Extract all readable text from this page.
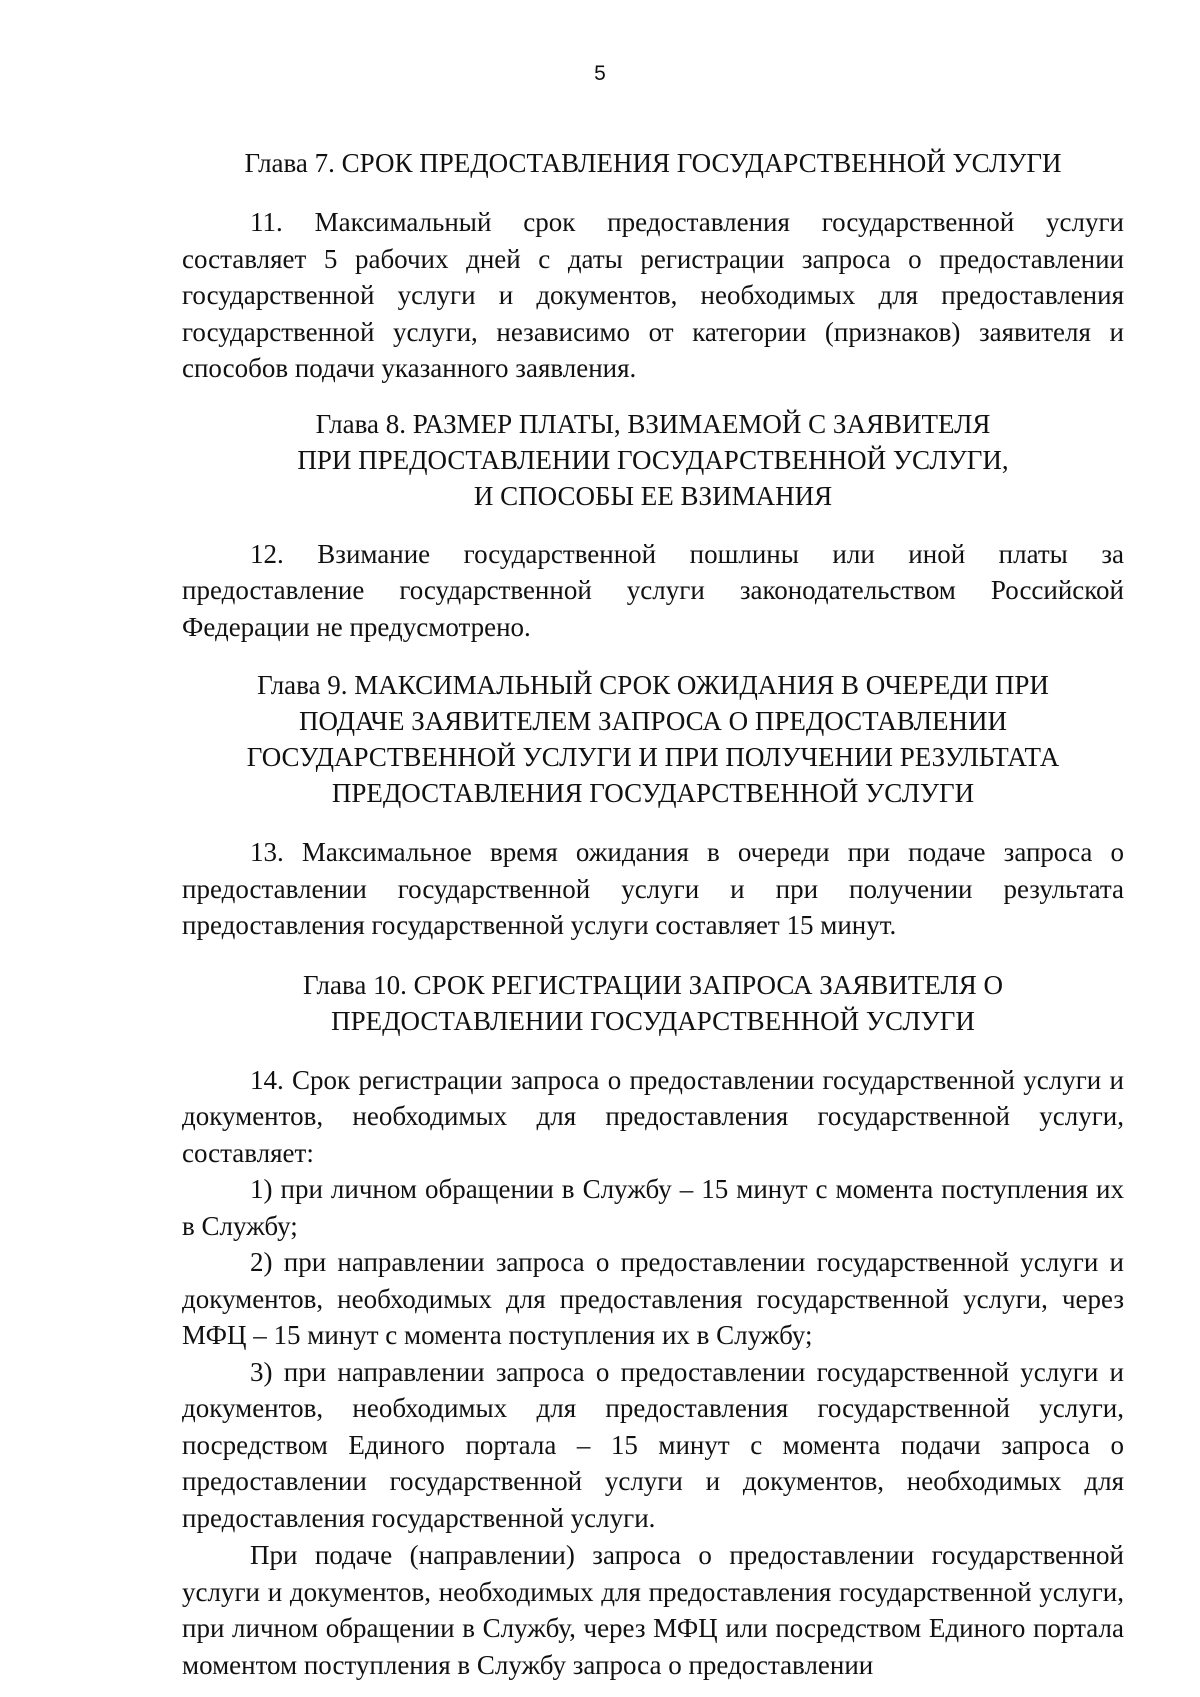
5
Глава 7. СРОК ПРЕДОСТАВЛЕНИЯ ГОСУДАРСТВЕННОЙ УСЛУГИ

11. Максимальный срок предоставления государственной услуги составляет 5 рабочих дней с даты регистрации запроса о предоставлении государственной услуги и документов, необходимых для предоставления государственной услуги, независимо от категории (признаков) заявителя и способов подачи указанного заявления.

Глава 8. РАЗМЕР ПЛАТЫ, ВЗИМАЕМОЙ С ЗАЯВИТЕЛЯ
ПРИ ПРЕДОСТАВЛЕНИИ ГОСУДАРСТВЕННОЙ УСЛУГИ,
И СПОСОБЫ ЕЕ ВЗИМАНИЯ

12. Взимание государственной пошлины или иной платы за предоставление государственной услуги законодательством Российской Федерации не предусмотрено.

Глава 9. МАКСИМАЛЬНЫЙ СРОК ОЖИДАНИЯ В ОЧЕРЕДИ ПРИ
ПОДАЧЕ ЗАЯВИТЕЛЕМ ЗАПРОСА О ПРЕДОСТАВЛЕНИИ
ГОСУДАРСТВЕННОЙ УСЛУГИ И ПРИ ПОЛУЧЕНИИ РЕЗУЛЬТАТА
ПРЕДОСТАВЛЕНИЯ ГОСУДАРСТВЕННОЙ УСЛУГИ

13. Максимальное время ожидания в очереди при подаче запроса о предоставлении государственной услуги и при получении результата предоставления государственной услуги составляет 15 минут.

Глава 10. СРОК РЕГИСТРАЦИИ ЗАПРОСА ЗАЯВИТЕЛЯ О
ПРЕДОСТАВЛЕНИИ ГОСУДАРСТВЕННОЙ УСЛУГИ

14. Срок регистрации запроса о предоставлении государственной услуги и документов, необходимых для предоставления государственной услуги, составляет:

1) при личном обращении в Службу – 15 минут с момента поступления их в Службу;

2) при направлении запроса о предоставлении государственной услуги и документов, необходимых для предоставления государственной услуги, через МФЦ – 15 минут с момента поступления их в Службу;

3) при направлении запроса о предоставлении государственной услуги и документов, необходимых для предоставления государственной услуги, посредством Единого портала – 15 минут с момента подачи запроса о предоставлении государственной услуги и документов, необходимых для предоставления государственной услуги.

При подаче (направлении) запроса о предоставлении государственной услуги и документов, необходимых для предоставления государственной услуги, при личном обращении в Службу, через МФЦ или посредством Единого портала моментом поступления в Службу запроса о предоставлении
